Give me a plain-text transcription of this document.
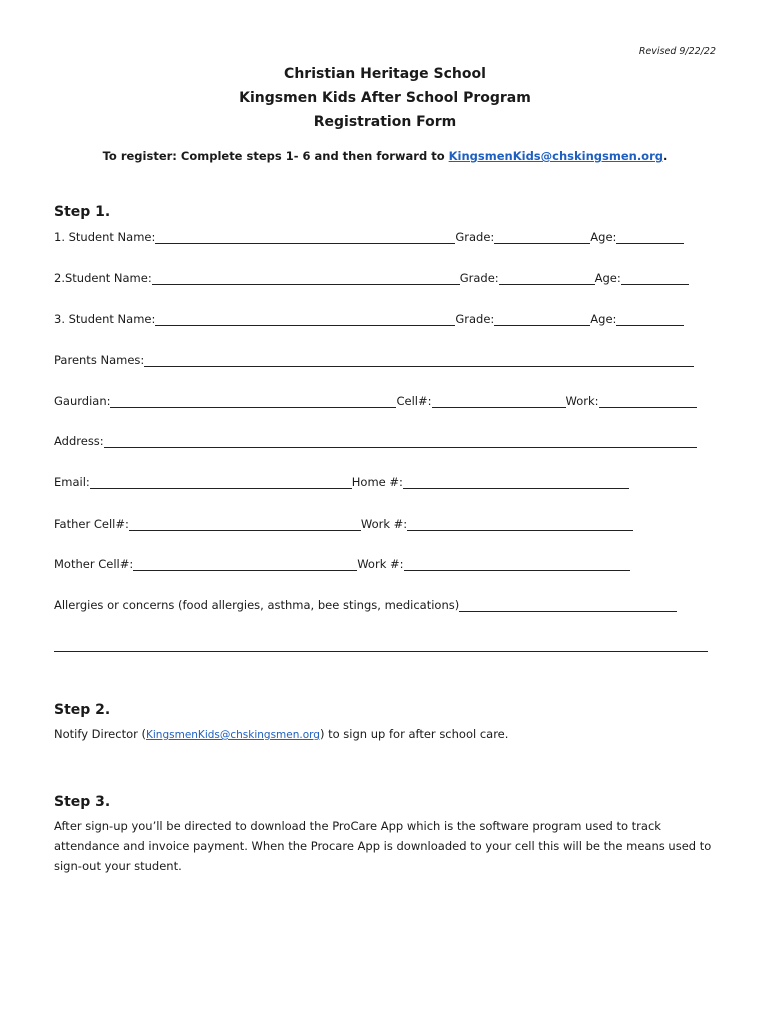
Revised 9/22/22
Christian Heritage School
Kingsmen Kids After School Program
Registration Form
To register: Complete steps 1- 6 and then forward to KingsmenKids@chskingsmen.org.
Step 1.
1. Student Name:	Grade:	Age:
2.Student Name:	Grade:	Age:
3. Student Name:	Grade:	Age:
Parents Names:
Gaurdian:	Cell#:	Work:
Address:
Email:	Home #:
Father Cell#:	Work #:
Mother Cell#:	Work #:
Allergies or concerns (food allergies, asthma, bee stings, medications)
Step 2.
Notify Director (KingsmenKids@chskingsmen.org) to sign up for after school care.
Step 3.
After sign-up you’ll be directed to download the ProCare App which is the software program used to track attendance and invoice payment. When the Procare App is downloaded to your cell this will be the means used to sign-out your student.
